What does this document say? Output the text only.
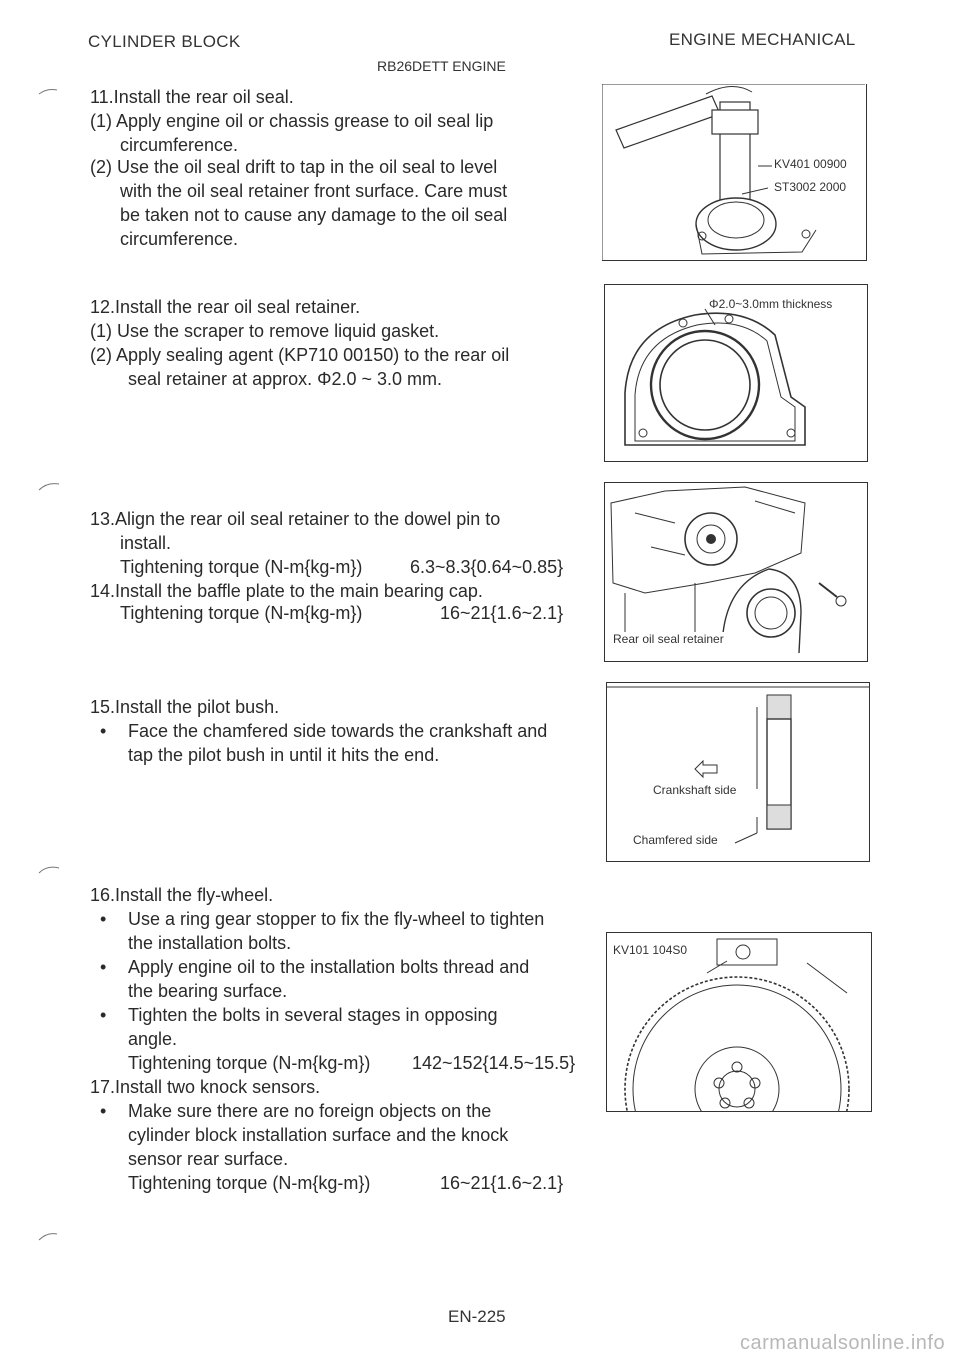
CYLINDER BLOCK	ENGINE MECHANICAL
RB26DETT ENGINE
11.Install the rear oil seal.
(1) Apply engine oil or chassis grease to oil seal lip
circumference.
(2) Use the oil seal drift to tap in the oil seal to level
with the oil seal retainer front surface. Care must
be taken not to cause any damage to the oil seal
circumference.
12.Install the rear oil seal retainer.
(1) Use the scraper to remove liquid gasket.
(2) Apply sealing agent (KP710 00150) to the rear oil
seal retainer at approx. Φ2.0 ~ 3.0 mm.
13.Align the rear oil seal retainer to the dowel pin to
install.
Tightening torque (N-m{kg-m})	6.3~8.3{0.64~0.85}
14.Install the baffle plate to the main bearing cap.
Tightening torque (N-m{kg-m})	16~21{1.6~2.1}
15.Install the pilot bush.
• Face the chamfered side towards the crankshaft and
tap the pilot bush in until it hits the end.
16.Install the fly-wheel.
• Use a ring gear stopper to fix the fly-wheel to tighten
the installation bolts.
• Apply engine oil to the installation bolts thread and
the bearing surface.
• Tighten the bolts in several stages in opposing
angle.
Tightening torque (N-m{kg-m}) 142~152{14.5~15.5}
17.Install two knock sensors.
• Make sure there are no foreign objects on the
cylinder block installation surface and the knock
sensor rear surface.
Tightening torque (N-m{kg-m})	16~21{1.6~2.1}
KV401 00900
ST3002 2000
Φ2.0~3.0mm thickness
Rear oil seal retainer
Crankshaft side
Chamfered side
KV101 104S0
EN-225
carmanualsonline.info
